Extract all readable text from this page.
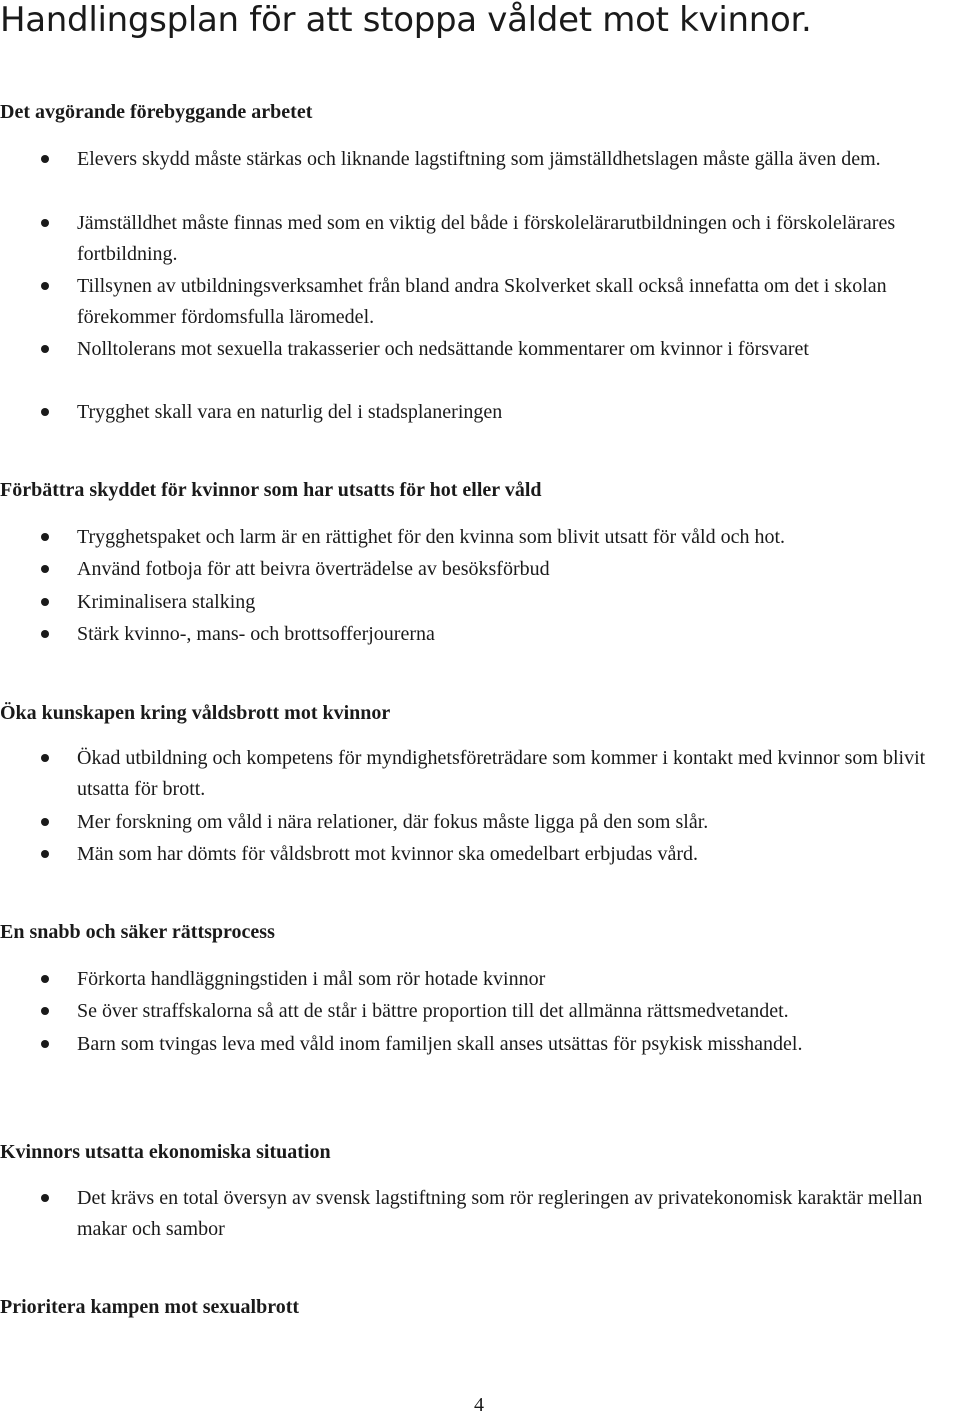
Handlingsplan för att stoppa våldet mot kvinnor.
Det avgörande förebyggande arbetet
Elevers skydd måste stärkas och liknande lagstiftning som jämställdhetslagen måste gälla även dem.
Jämställdhet måste finnas med som en viktig del både i förskolelärarutbildningen och i förskolelärares fortbildning.
Tillsynen av utbildningsverksamhet från bland andra Skolverket skall också innefatta om det i skolan förekommer fördomsfulla läromedel.
Nolltolerans mot sexuella trakasserier och nedsättande kommentarer om kvinnor i försvaret
Trygghet skall vara en naturlig del i stadsplaneringen
Förbättra skyddet för kvinnor som har utsatts för hot eller våld
Trygghetspaket och larm är en rättighet för den kvinna som blivit utsatt för våld och hot.
Använd fotboja för att beivra överträdelse av besöksförbud
Kriminalisera stalking
Stärk kvinno-, mans- och brottsofferjourerna
Öka kunskapen kring våldsbrott mot kvinnor
Ökad utbildning och kompetens för myndighetsföreträdare som kommer i kontakt med kvinnor som blivit utsatta för brott.
Mer forskning om våld i nära relationer, där fokus måste ligga på den som slår.
Män som har dömts för våldsbrott mot kvinnor ska omedelbart erbjudas vård.
En snabb och säker rättsprocess
Förkorta handläggningstiden i mål som rör hotade kvinnor
Se över straffskalorna så att de står i bättre proportion till det allmänna rättsmedvetandet.
Barn som tvingas leva med våld inom familjen skall anses utsättas för psykisk misshandel.
Kvinnors utsatta ekonomiska situation
Det krävs en total översyn av svensk lagstiftning som rör regleringen av privatekonomisk karaktär mellan makar och sambor
Prioritera kampen mot sexualbrott
4
